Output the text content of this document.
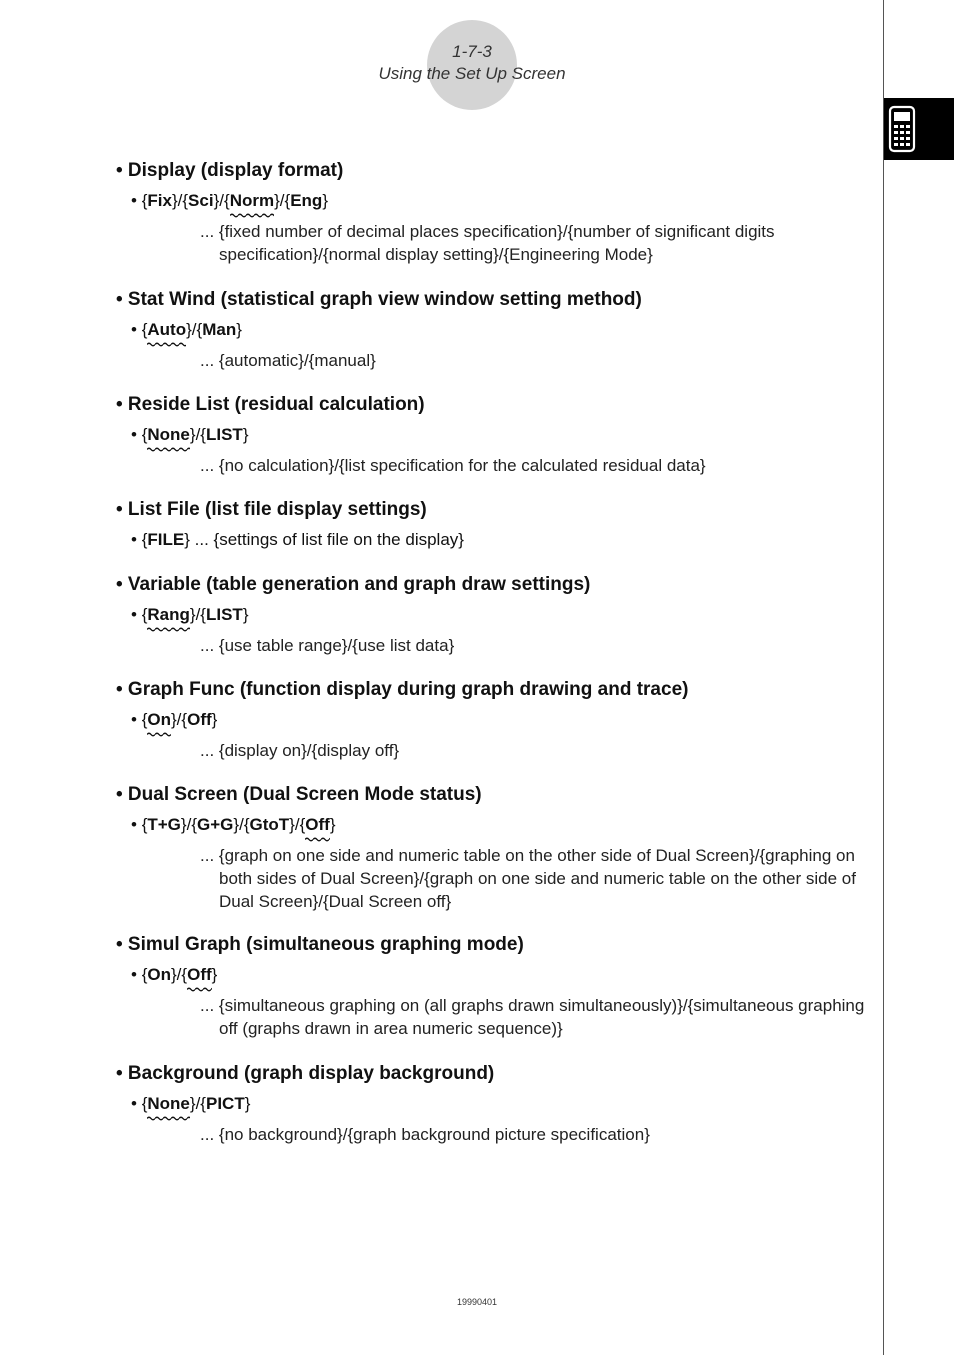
1-7-3
Using the Set Up Screen
• Display (display format)
• {Fix}/{Sci}/{Norm}/{Eng}
... {fixed number of decimal places specification}/{number of significant digits specification}/{normal display setting}/{Engineering Mode}
• Stat Wind (statistical graph view window setting method)
• {Auto}/{Man}
... {automatic}/{manual}
• Reside List (residual calculation)
• {None}/{LIST}
... {no calculation}/{list specification for the calculated residual data}
• List File (list file display settings)
• {FILE} ... {settings of list file on the display}
• Variable (table generation and graph draw settings)
• {Rang}/{LIST}
... {use table range}/{use list data}
• Graph Func (function display during graph drawing and trace)
• {On}/{Off}
... {display on}/{display off}
• Dual Screen (Dual Screen Mode status)
• {T+G}/{G+G}/{GtoT}/{Off}
... {graph on one side and numeric table on the other side of Dual Screen}/{graphing on both sides of Dual Screen}/{graph on one side and numeric table on the other side of Dual Screen}/{Dual Screen off}
• Simul Graph (simultaneous graphing mode)
• {On}/{Off}
... {simultaneous graphing on (all graphs drawn simultaneously)}/{simultaneous graphing off (graphs drawn in area numeric sequence)}
• Background (graph display background)
• {None}/{PICT}
... {no background}/{graph background picture specification}
19990401
